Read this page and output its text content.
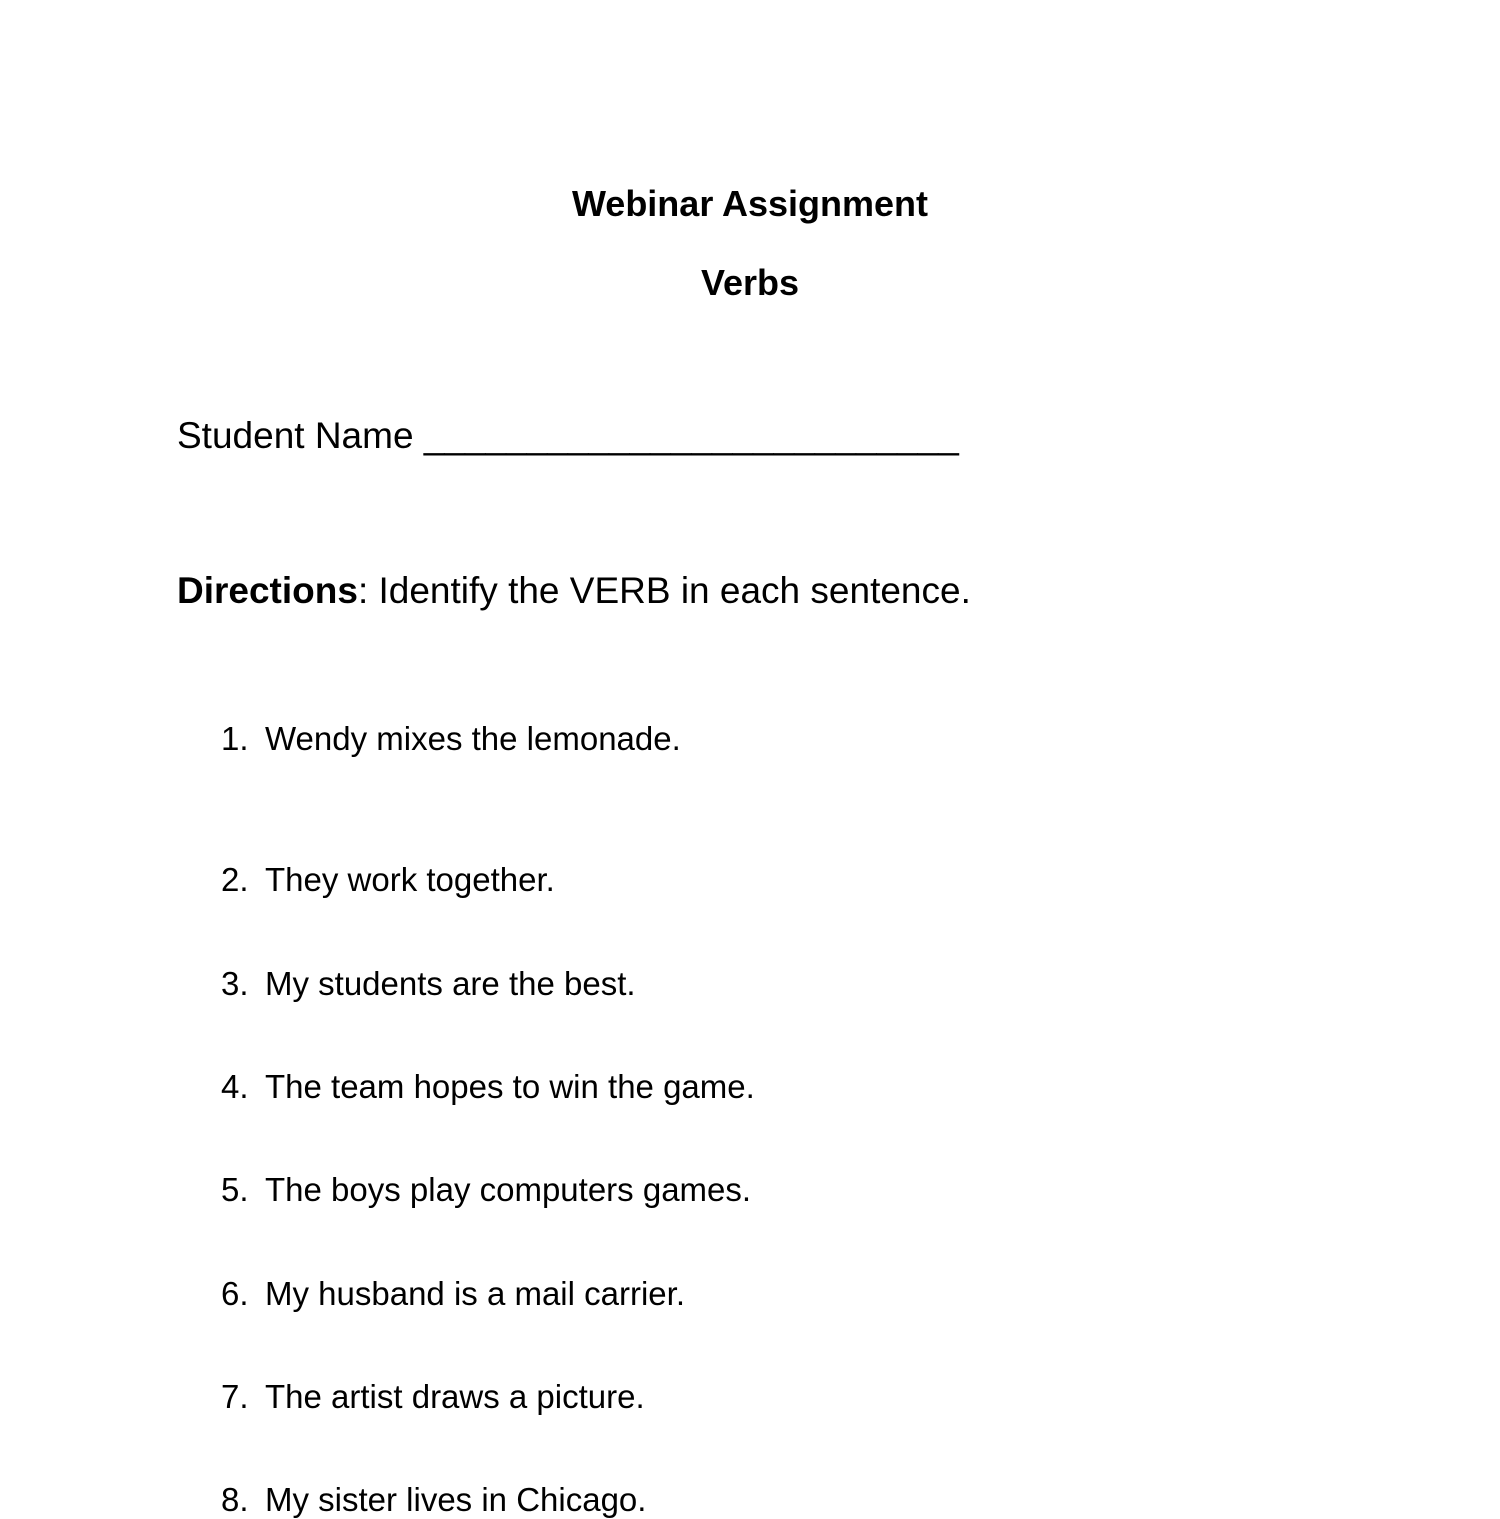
Webinar Assignment
Verbs
Student Name __________________________
Directions: Identify the VERB in each sentence.
1. Wendy mixes the lemonade.
2. They work together.
3. My students are the best.
4. The team hopes to win the game.
5. The boys play computers games.
6. My husband is a mail carrier.
7. The artist draws a picture.
8. My sister lives in Chicago.
